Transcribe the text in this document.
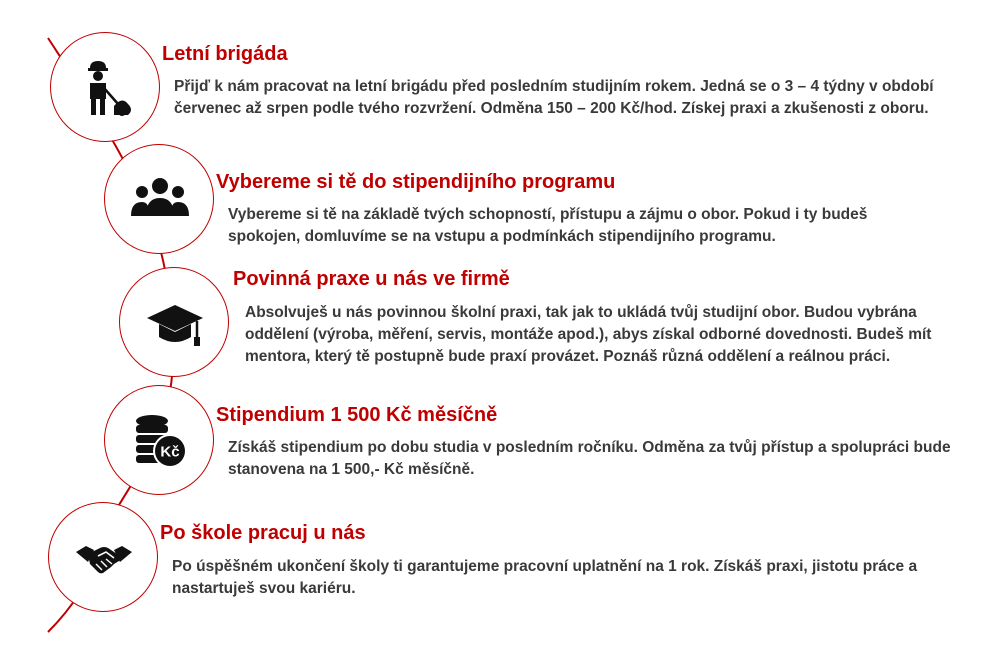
Letní brigáda

Přijď k nám pracovat na letní brigádu před posledním studijním rokem. Jedná se o 3 – 4 týdny v období červenec až srpen podle tvého rozvržení. Odměna 150 – 200 Kč/hod. Získej praxi a zkušenosti z oboru.

Vybereme si tě do stipendijního programu

Vybereme si tě na základě tvých schopností, přístupu a zájmu o obor. Pokud i ty budeš spokojen, domluvíme se na vstupu a podmínkách stipendijního programu.

Povinná praxe u nás ve firmě

Absolvuješ u nás povinnou školní praxi, tak jak to ukládá tvůj studijní obor. Budou vybrána oddělení (výroba, měření, servis, montáže apod.), abys získal odborné dovednosti. Budeš mít mentora, který tě postupně bude praxí provázet. Poznáš různá oddělení a reálnou práci.

Kč
Stipendium 1 500 Kč měsíčně

Získáš stipendium po dobu studia v posledním ročníku. Odměna za tvůj přístup a spolupráci bude stanovena na 1 500,- Kč měsíčně.

Po škole pracuj u nás

Po úspěšném ukončení školy ti garantujeme pracovní uplatnění na 1 rok. Získáš praxi, jistotu práce a nastartuješ svou kariéru.
